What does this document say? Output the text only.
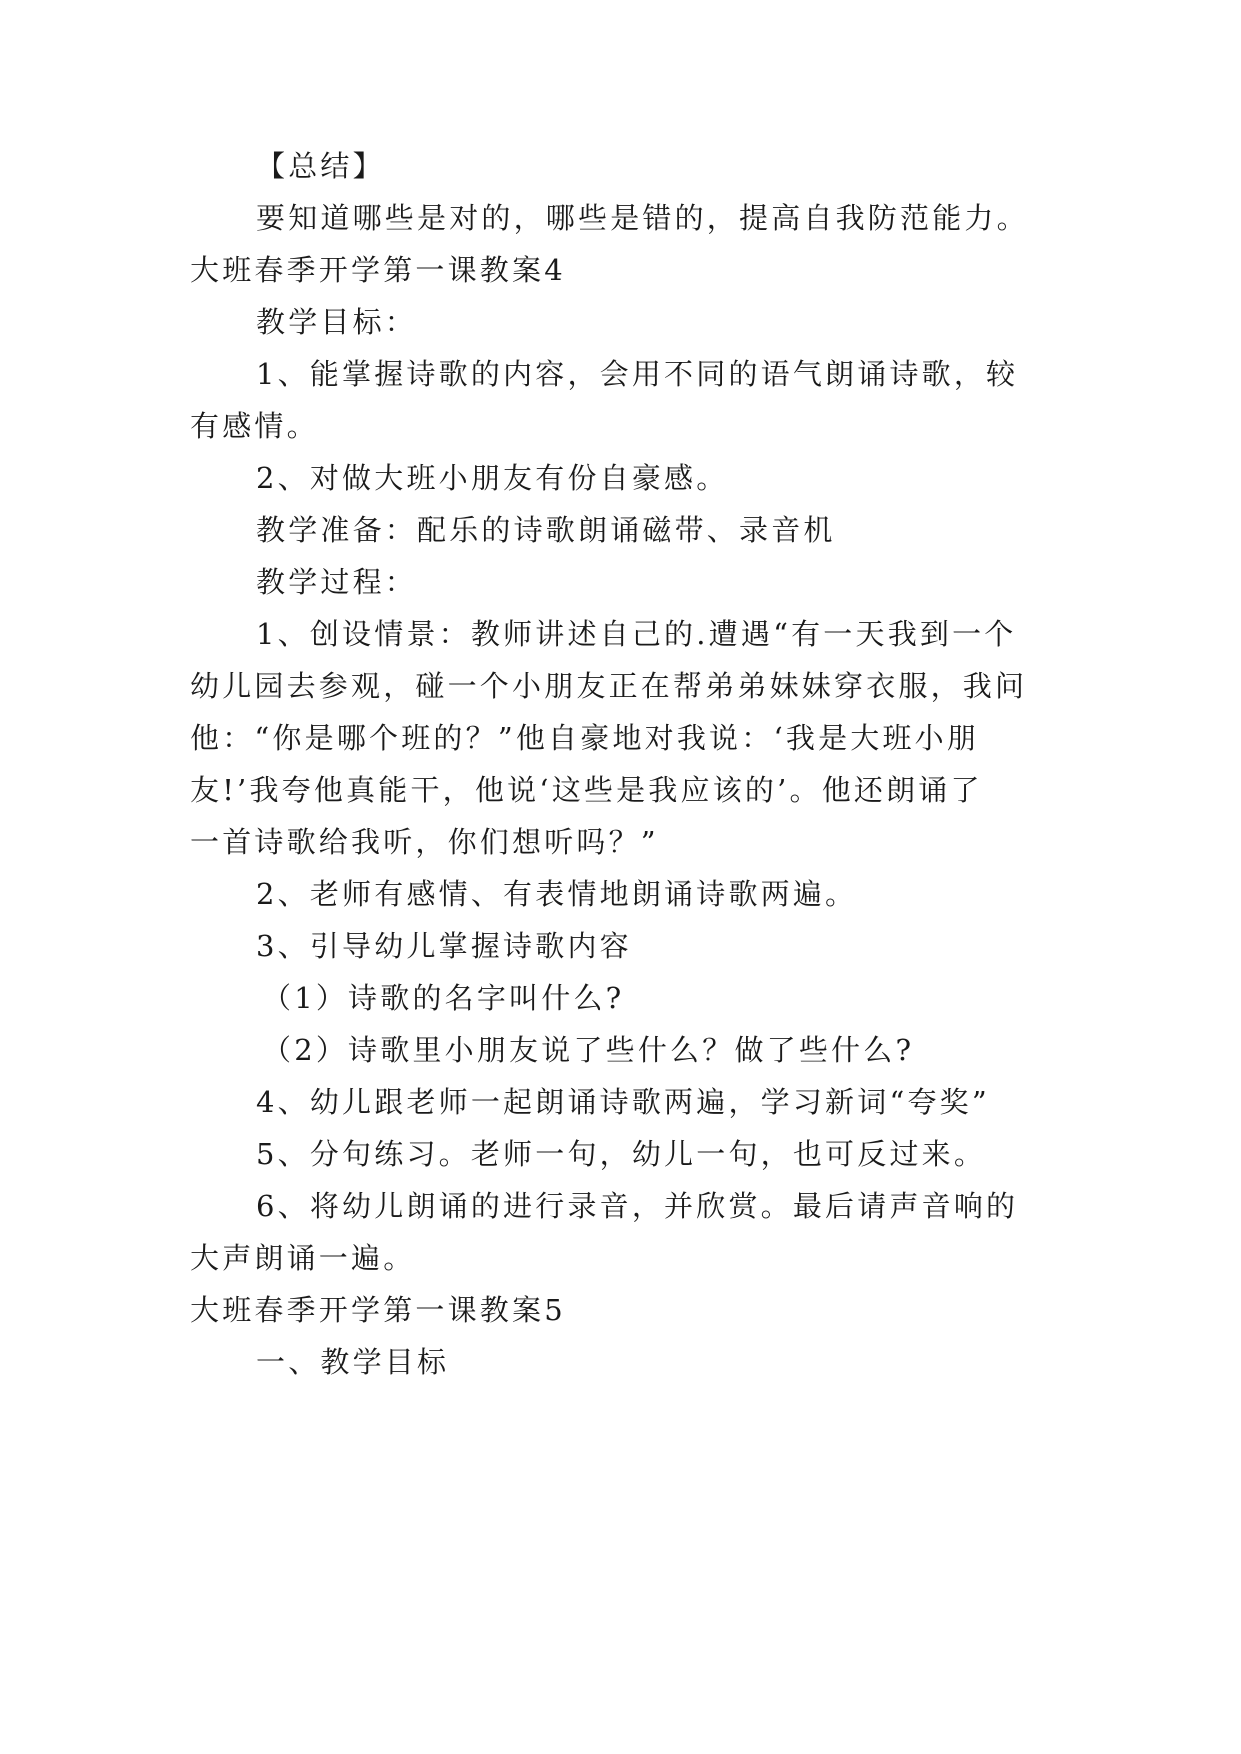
【总结】
要知道哪些是对的，哪些是错的，提高自我防范能力。
大班春季开学第一课教案4
教学目标：
1、能掌握诗歌的内容，会用不同的语气朗诵诗歌，较
有感情。
2、对做大班小朋友有份自豪感。
教学准备：配乐的诗歌朗诵磁带、录音机
教学过程：
1、创设情景：教师讲述自己的.遭遇“有一天我到一个
幼儿园去参观，碰一个小朋友正在帮弟弟妹妹穿衣服，我问
他：“你是哪个班的？”他自豪地对我说：‘我是大班小朋
友!’我夸他真能干，他说‘这些是我应该的’。他还朗诵了
一首诗歌给我听，你们想听吗？”
2、老师有感情、有表情地朗诵诗歌两遍。
3、引导幼儿掌握诗歌内容
（1）诗歌的名字叫什么?
（2）诗歌里小朋友说了些什么？做了些什么?
4、幼儿跟老师一起朗诵诗歌两遍，学习新词“夸奖”
5、分句练习。老师一句，幼儿一句，也可反过来。
6、将幼儿朗诵的进行录音，并欣赏。最后请声音响的
大声朗诵一遍。
大班春季开学第一课教案5
一、教学目标
